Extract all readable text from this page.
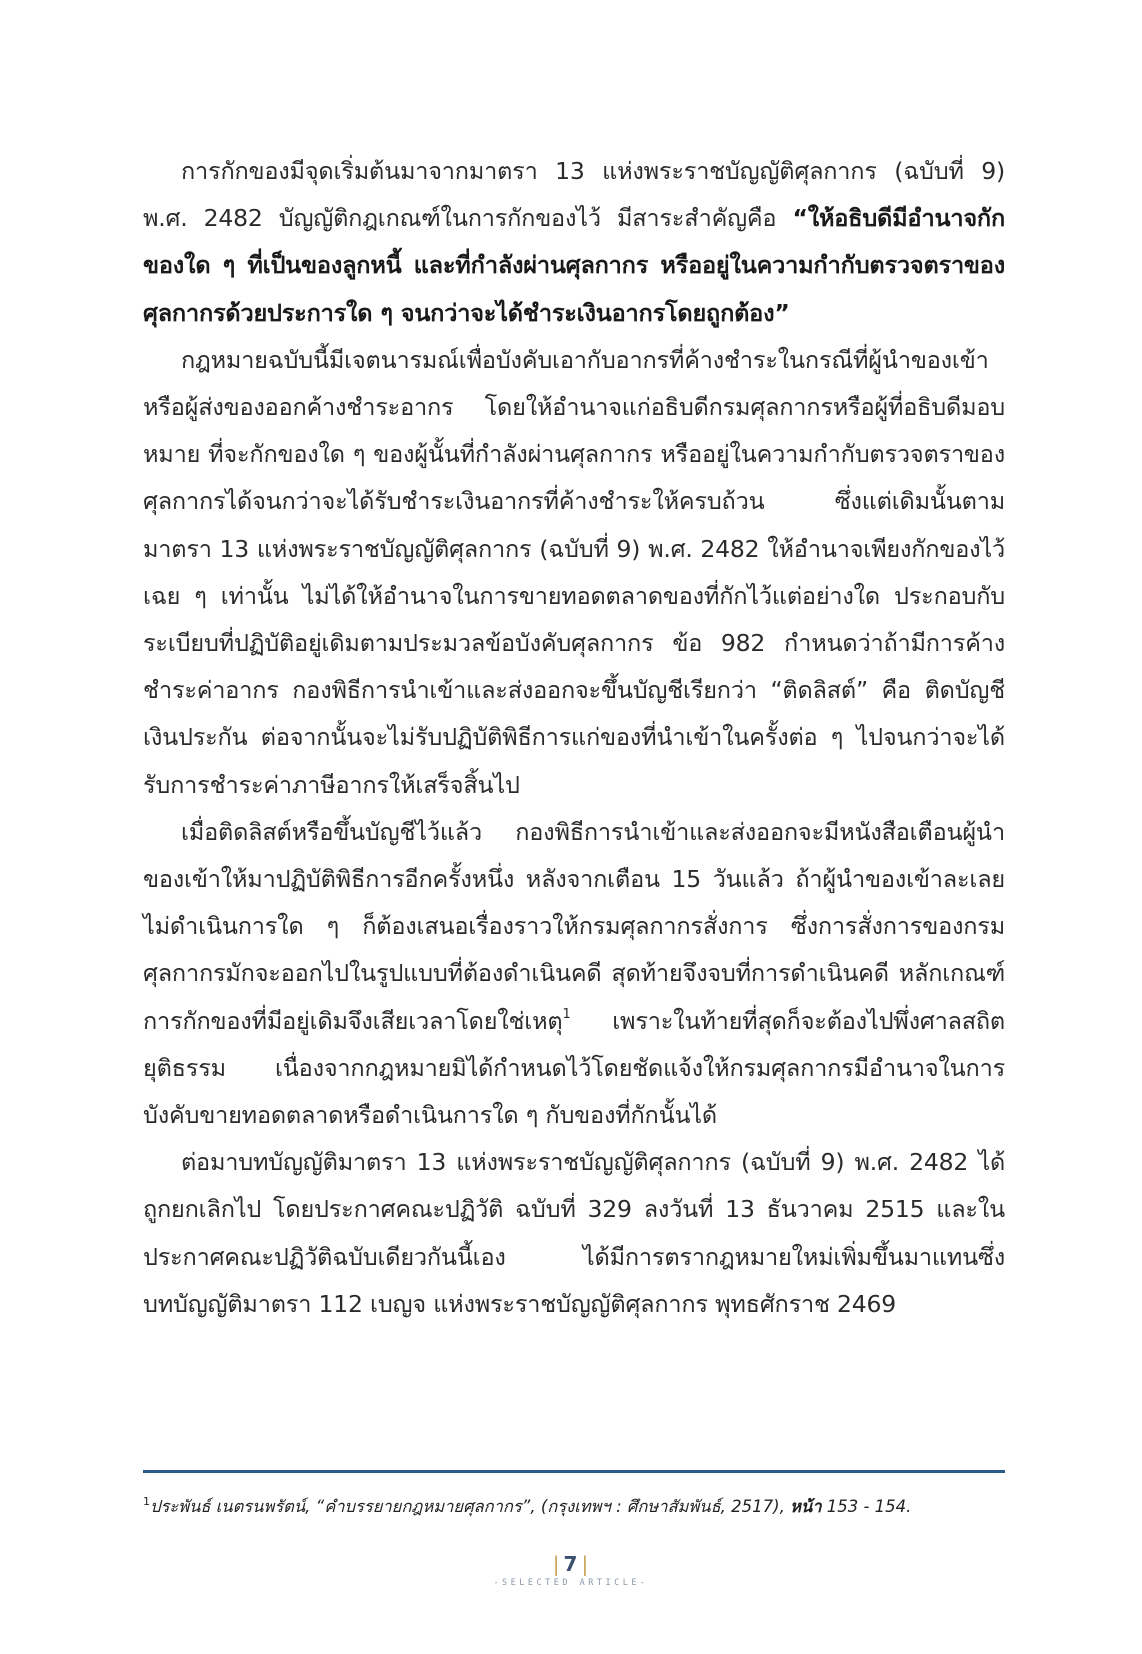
การกักของมีจุดเริ่มต้นมาจากมาตรา 13 แห่งพระราชบัญญัติศุลกากร (ฉบับที่ 9) พ.ศ. 2482 บัญญัติกฎเกณฑ์ในการกักของไว้ มีสาระสำคัญคือ “ให้อธิบดีมีอำนาจกักของใด ๆ ที่เป็นของลูกหนี้ และที่กำลังผ่านศุลกากร หรืออยู่ในความกำกับตรวจตราของศุลกากรด้วยประการใด ๆ จนกว่าจะได้ชำระเงินอากรโดยถูกต้อง”

กฎหมายฉบับนี้มีเจตนารมณ์เพื่อบังคับเอากับอากรที่ค้างชำระในกรณีที่ผู้นำของเข้าหรือผู้ส่งของออกค้างชำระอากร โดยให้อำนาจแก่อธิบดีกรมศุลกากรหรือผู้ที่อธิบดีมอบหมาย ที่จะกักของใด ๆ ของผู้นั้นที่กำลังผ่านศุลกากร หรืออยู่ในความกำกับตรวจตราของศุลกากรได้จนกว่าจะได้รับชำระเงินอากรที่ค้างชำระให้ครบถ้วน ซึ่งแต่เดิมนั้นตามมาตรา 13 แห่งพระราชบัญญัติศุลกากร (ฉบับที่ 9) พ.ศ. 2482 ให้อำนาจเพียงกักของไว้เฉย ๆ เท่านั้น ไม่ได้ให้อำนาจในการขายทอดตลาดของที่กักไว้แต่อย่างใด ประกอบกับระเบียบที่ปฏิบัติอยู่เดิมตามประมวลข้อบังคับศุลกากร ข้อ 982 กำหนดว่าถ้ามีการค้างชำระค่าอากร กองพิธีการนำเข้าและส่งออกจะขึ้นบัญชีเรียกว่า “ติดลิสต์” คือ ติดบัญชีเงินประกัน ต่อจากนั้นจะไม่รับปฏิบัติพิธีการแก่ของที่นำเข้าในครั้งต่อ ๆ ไปจนกว่าจะได้รับการชำระค่าภาษีอากรให้เสร็จสิ้นไป

เมื่อติดลิสต์หรือขึ้นบัญชีไว้แล้ว กองพิธีการนำเข้าและส่งออกจะมีหนังสือเตือนผู้นำของเข้าให้มาปฏิบัติพิธีการอีกครั้งหนึ่ง หลังจากเตือน 15 วันแล้ว ถ้าผู้นำของเข้าละเลยไม่ดำเนินการใด ๆ ก็ต้องเสนอเรื่องราวให้กรมศุลกากรสั่งการ ซึ่งการสั่งการของกรมศุลกากรมักจะออกไปในรูปแบบที่ต้องดำเนินคดี สุดท้ายจึงจบที่การดำเนินคดี หลักเกณฑ์การกักของที่มีอยู่เดิมจึงเสียเวลาโดยใช่เหตุ$^1$ เพราะในท้ายที่สุดก็จะต้องไปพึ่งศาลสถิตยุติธรรม เนื่องจากกฎหมายมิได้กำหนดไว้โดยชัดแจ้งให้กรมศุลกากรมีอำนาจในการบังคับขายทอดตลาดหรือดำเนินการใด ๆ กับของที่กักนั้นได้

ต่อมาบทบัญญัติมาตรา 13 แห่งพระราชบัญญัติศุลกากร (ฉบับที่ 9) พ.ศ. 2482 ได้ถูกยกเลิกไป โดยประกาศคณะปฏิวัติ ฉบับที่ 329 ลงวันที่ 13 ธันวาคม 2515 และในประกาศคณะปฏิวัติฉบับเดียวกันนี้เอง ได้มีการตรากฎหมายใหม่เพิ่มขึ้นมาแทนซึ่งบทบัญญัติมาตรา 112 เบญจ แห่งพระราชบัญญัติศุลกากร พุทธศักราช 2469

$^1$ประพันธ์ เนตรนพรัตน์, “คำบรรยายกฎหมายศุลกากร”, (กรุงเทพฯ : ศึกษาสัมพันธ์, 2517), หน้า 153 - 154.
| 7 |
-SELECTED ARTICLE-
